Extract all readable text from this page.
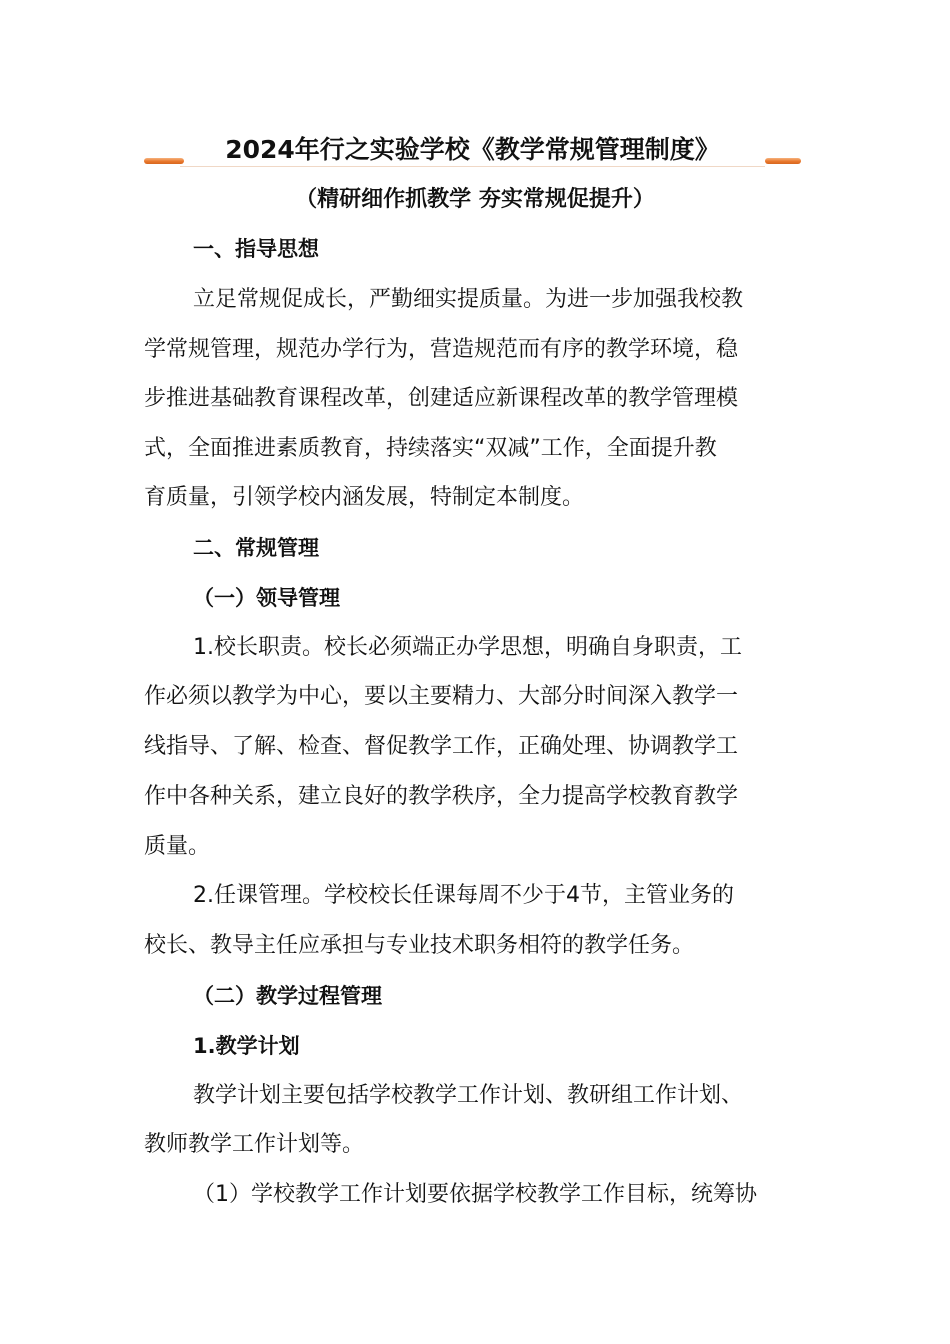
2024年行之实验学校《教学常规管理制度》
（精研细作抓教学 夯实常规促提升）
一、指导思想
立足常规促成长，严勤细实提质量。为进一步加强我校教
学常规管理，规范办学行为，营造规范而有序的教学环境，稳
步推进基础教育课程改革，创建适应新课程改革的教学管理模
式，全面推进素质教育，持续落实“双减”工作，全面提升教
育质量，引领学校内涵发展，特制定本制度。
二、常规管理
（一）领导管理
1.校长职责。校长必须端正办学思想，明确自身职责，工
作必须以教学为中心，要以主要精力、大部分时间深入教学一
线指导、了解、检查、督促教学工作，正确处理、协调教学工
作中各种关系，建立良好的教学秩序，全力提高学校教育教学
质量。
2.任课管理。学校校长任课每周不少于4节，主管业务的
校长、教导主任应承担与专业技术职务相符的教学任务。
（二）教学过程管理
1.教学计划
教学计划主要包括学校教学工作计划、教研组工作计划、
教师教学工作计划等。
（1）学校教学工作计划要依据学校教学工作目标，统筹协
